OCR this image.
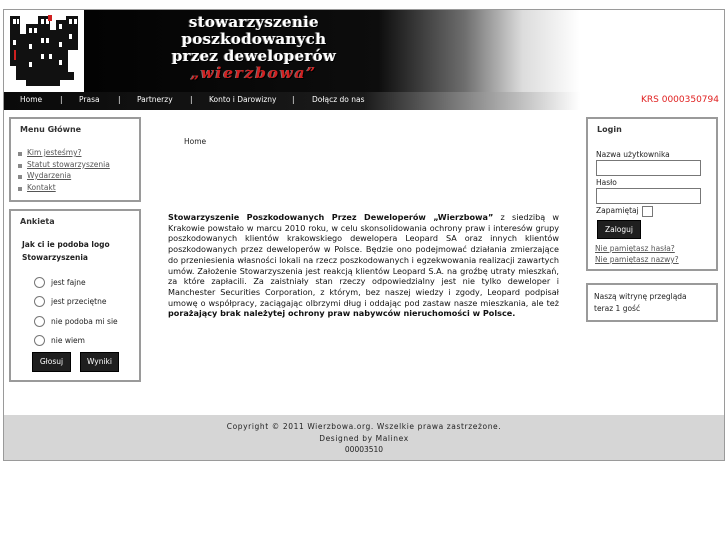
stowarzyszenie
poszkodowanych
przez deweloperów
„wierzbowa”
Home | Prasa | Partnerzy | Konto i Darowizny | Dołącz do nas	KRS 0000350794
Menu Główne
Kim jesteśmy?
Statut stowarzyszenia
Wydarzenia
Kontakt
Ankieta
Jak ci ie podoba logo
Stowarzyszenia
jest fajne
jest przeciętne
nie podoba mi sie
nie wiem
Głosuj	Wyniki
Home
Stowarzyszenie Poszkodowanych Przez Deweloperów „Wierzbowa” z siedzibą w Krakowie powstało w marcu 2010 roku, w celu skonsolidowania ochrony praw i interesów grupy poszkodowanych klientów krakowskiego dewelopera Leopard SA oraz innych klientów poszkodowanych przez deweloperów w Polsce. Będzie ono podejmować działania zmierzające do przeniesienia własności lokali na rzecz poszkodowanych i egzekwowania realizacji zawartych umów. Założenie Stowarzyszenia jest reakcją klientów Leopard S.A. na groźbę utraty mieszkań, za które zapłacili. Za zaistniały stan rzeczy odpowiedzialny jest nie tylko deweloper i Manchester Securities Corporation, z którym, bez naszej wiedzy i zgody, Leopard podpisał umowę o współpracy, zaciągając olbrzymi dług i oddając pod zastaw nasze mieszkania, ale też porażający brak należytej ochrony praw nabywców nieruchomości w Polsce.
Login
Nazwa użytkownika
Hasło
Zapamiętaj
Zaloguj
Nie pamiętasz hasła?
Nie pamiętasz nazwy?
Naszą witrynę przegląda teraz 1 gość
Copyright © 2011 Wierzbowa.org. Wszelkie prawa zastrzeżone.
Designed by Malinex
00003510
